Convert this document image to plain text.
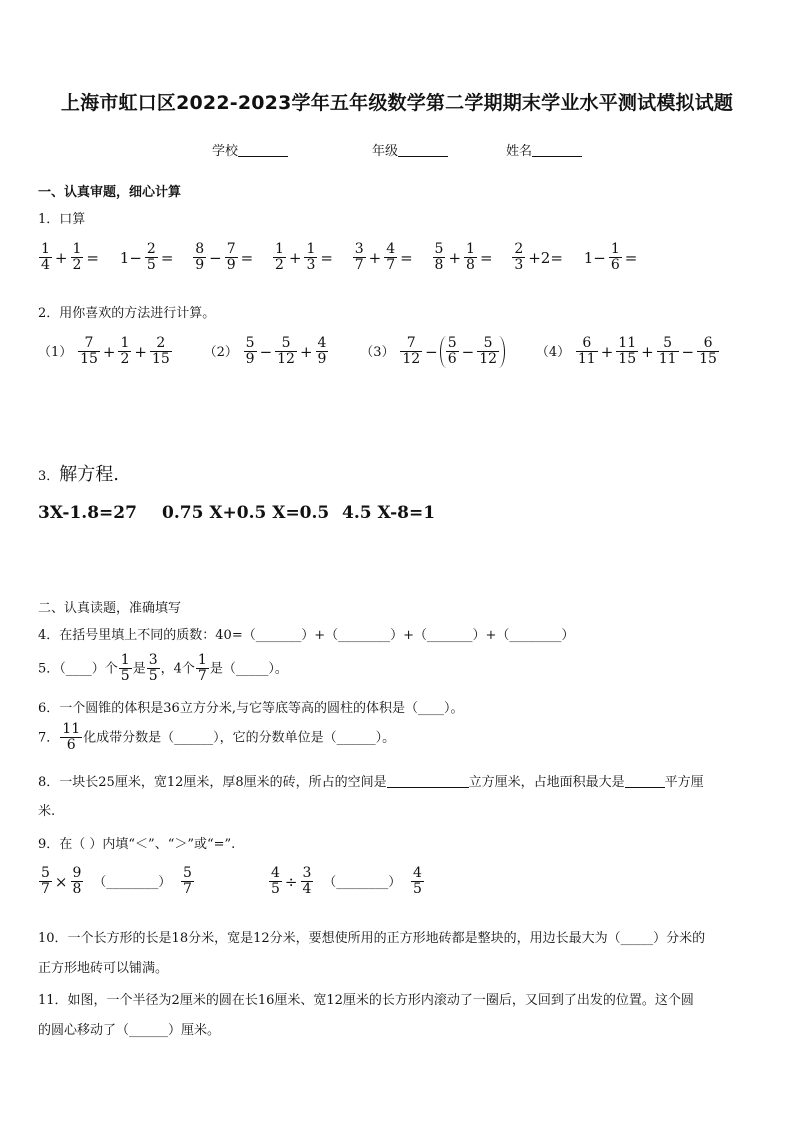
上海市虹口区2022-2023学年五年级数学第二学期期末学业水平测试模拟试题
学校	年级	姓名
一、认真审题，细心计算
1．口算
$\frac{1}{4} + \frac{1}{2} = 1- \frac{2}{5} = \frac{8}{9} - \frac{7}{9} = \frac{1}{2} + \frac{1}{3} = \frac{3}{7} + \frac{4}{7} = \frac{5}{8} + \frac{1}{8} = \frac{2}{3} +2= 1- \frac{1}{6}$ =
2．用你喜欢的方法进行计算。
$(1) \frac{7}{15} + \frac{1}{2} + \frac{2}{15} (2) \frac{5}{9} - \frac{5}{12} + \frac{4}{9} (3) \frac{7}{12} - \frac{5}{6} - \frac{5}{12}$	$(4) \frac{6}{11} + \frac{11}{15} + \frac{5}{11} - \frac{6}{15}$
3．解方程.
3X-1.8=27 0.75 X+0.5 X=0.5 4.5 X-8=1
二、认真读题，准确填写
4．在括号里填上不同的质数：40=（_______）+（________）+（_______）+（________）
5．（____）个 $\frac{1}{5}$ 是 $\frac{3}{5}$ ，4个 $\frac{1}{7}$ 是（_____）。
6．一个圆锥的体积是36立方分米,与它等底等高的圆柱的体积是（____）。
7． $\frac{11}{6}$ 化成带分数是（______），它的分数单位是（______）。
8．一块长25厘米，宽12厘米，厚8厘米的砖，所占的空间是	立方厘米，占地面积最大是	平方厘
米.
9．在（ ）内填“＜”、“＞”或“=”.
$\frac{5}{7} \times \frac{9}{8}$ （________） $\frac{5}{7}$	$\frac{4}{5} \div \frac{3}{4}$ （________） $\frac{4}{5}$
10．一个长方形的长是18分米，宽是12分米，要想使所用的正方形地砖都是整块的，用边长最大为（_____）分米的
正方形地砖可以铺满。
11．如图，一个半径为2厘米的圆在长16厘米、宽12厘米的长方形内滚动了一圈后，又回到了出发的位置。这个圆
的圆心移动了（______）厘米。
